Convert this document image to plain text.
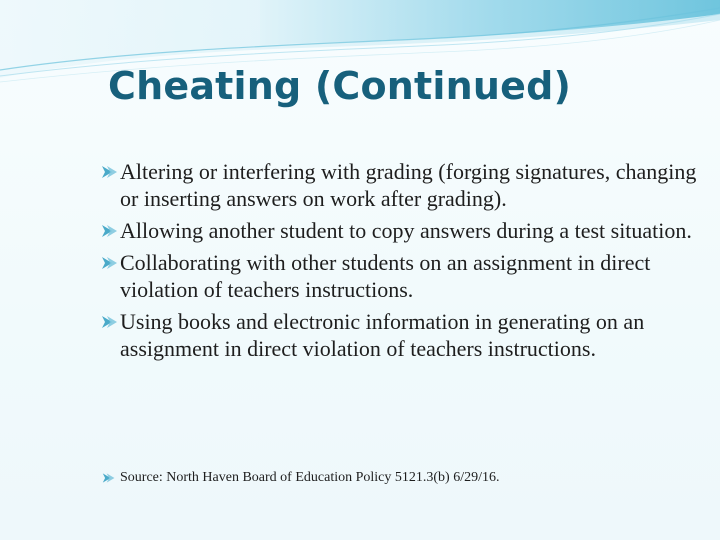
Cheating (Continued)
Altering or interfering with grading (forging signatures, changing or inserting answers on work after grading).
Allowing another student to copy answers during a test situation.
Collaborating with other students on an assignment in direct violation of teachers instructions.
Using books and electronic information in generating on an assignment in direct violation of teachers instructions.
Source: North Haven Board of Education Policy 5121.3(b) 6/29/16.
